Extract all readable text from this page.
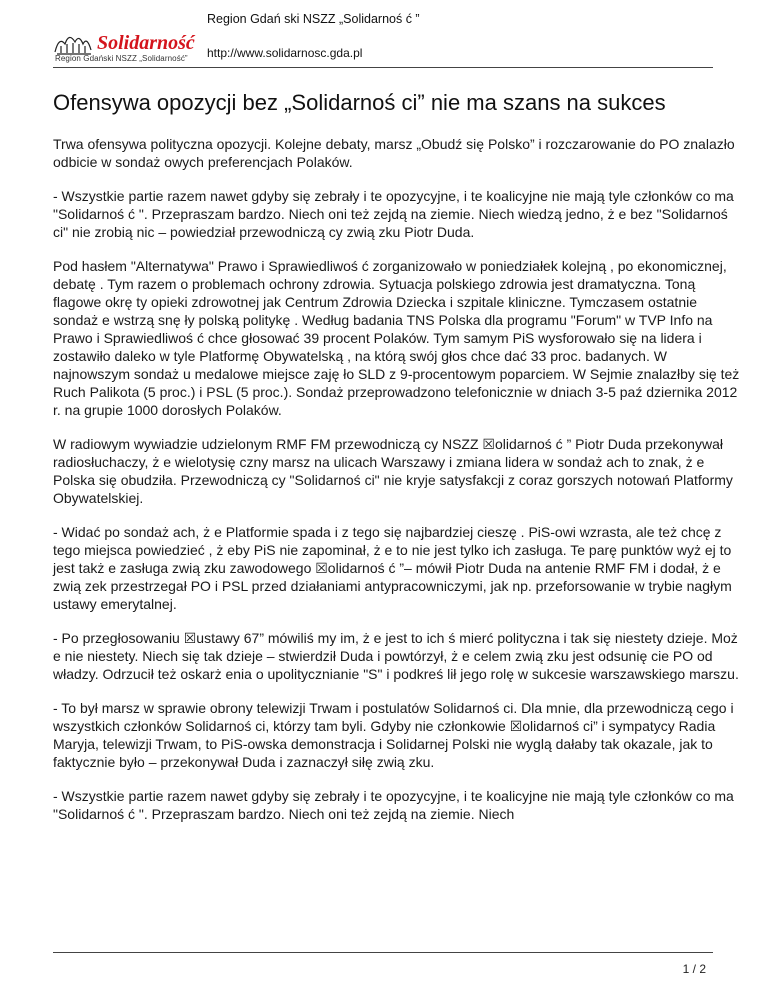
Solidarność
Region Gdański NSZZ „Solidarność”
Region Gdań ski NSZZ „Solidarnoś ć ”
http://www.solidarnosc.gda.pl
Ofensywa opozycji bez „Solidarnoś ci” nie ma szans na sukces

Trwa ofensywa polityczna opozycji. Kolejne debaty, marsz „Obudź się Polsko” i rozczarowanie do PO znalazło odbicie w sondaż owych preferencjach Polaków.

- Wszystkie partie razem nawet gdyby się zebrały i te opozycyjne, i te koalicyjne nie mają tyle członków co ma "Solidarnoś ć ". Przepraszam bardzo. Niech oni też zejdą na ziemie. Niech wiedzą jedno, ż e bez "Solidarnoś ci" nie zrobią nic – powiedział przewodniczą cy zwią zku Piotr Duda.

Pod hasłem "Alternatywa" Prawo i Sprawiedliwoś ć zorganizowało w poniedziałek kolejną , po ekonomicznej, debatę . Tym razem o problemach ochrony zdrowia. Sytuacja polskiego zdrowia jest dramatyczna. Toną flagowe okrę ty opieki zdrowotnej jak Centrum Zdrowia Dziecka i szpitale kliniczne. Tymczasem ostatnie sondaż e wstrzą snę ły polską politykę . Według badania TNS Polska dla programu "Forum" w TVP Info na Prawo i Sprawiedliwoś ć chce głosować 39 procent Polaków. Tym samym PiS wysforowało się na lidera i zostawiło daleko w tyle Platformę Obywatelską , na którą swój głos chce dać 33 proc. badanych. W najnowszym sondaż u medalowe miejsce zaję ło SLD z 9-procentowym poparciem. W Sejmie znalazłby się też Ruch Palikota (5 proc.) i PSL (5 proc.). Sondaż przeprowadzono telefonicznie w dniach 3-5 paź dziernika 2012 r. na grupie 1000 dorosłych Polaków.

W radiowym wywiadzie udzielonym RMF FM przewodniczą cy NSZZ ☒olidarnoś ć ” Piotr Duda przekonywał radiosłuchaczy, ż e wielotysię czny marsz na ulicach Warszawy i zmiana lidera w sondaż ach to znak, ż e Polska się obudziła. Przewodniczą cy "Solidarnoś ci" nie kryje satysfakcji z coraz gorszych notowań Platformy Obywatelskiej.

- Widać po sondaż ach, ż e Platformie spada i z tego się najbardziej cieszę . PiS-owi wzrasta, ale też chcę z tego miejsca powiedzieć , ż eby PiS nie zapominał, ż e to nie jest tylko ich zasługa. Te parę punktów wyż ej to jest takż e zasługa zwią zku zawodowego ☒olidarnoś ć ”– mówił Piotr Duda na antenie RMF FM i dodał, ż e zwią zek przestrzegał PO i PSL przed działaniami antypracowniczymi, jak np. przeforsowanie w trybie nagłym ustawy emerytalnej.

- Po przegłosowaniu ☒ustawy 67” mówiliś my im, ż e jest to ich ś mierć polityczna i tak się niestety dzieje. Moż e nie niestety. Niech się tak dzieje – stwierdził Duda i powtórzył, ż e celem zwią zku jest odsunię cie PO od władzy. Odrzucił też oskarż enia o upolitycznianie "S" i podkreś lił jego rolę w sukcesie warszawskiego marszu.

- To był marsz w sprawie obrony telewizji Trwam i postulatów Solidarnoś ci. Dla mnie, dla przewodniczą cego i wszystkich członków Solidarnoś ci, którzy tam byli. Gdyby nie członkowie ☒olidarnoś ci” i sympatycy Radia Maryja, telewizji Trwam, to PiS-owska demonstracja i Solidarnej Polski nie wyglą dałaby tak okazale, jak to faktycznie było – przekonywał Duda i zaznaczył siłę zwią zku.

- Wszystkie partie razem nawet gdyby się zebrały i te opozycyjne, i te koalicyjne nie mają tyle członków co ma "Solidarnoś ć ". Przepraszam bardzo. Niech oni też zejdą na ziemie. Niech

1 / 2
